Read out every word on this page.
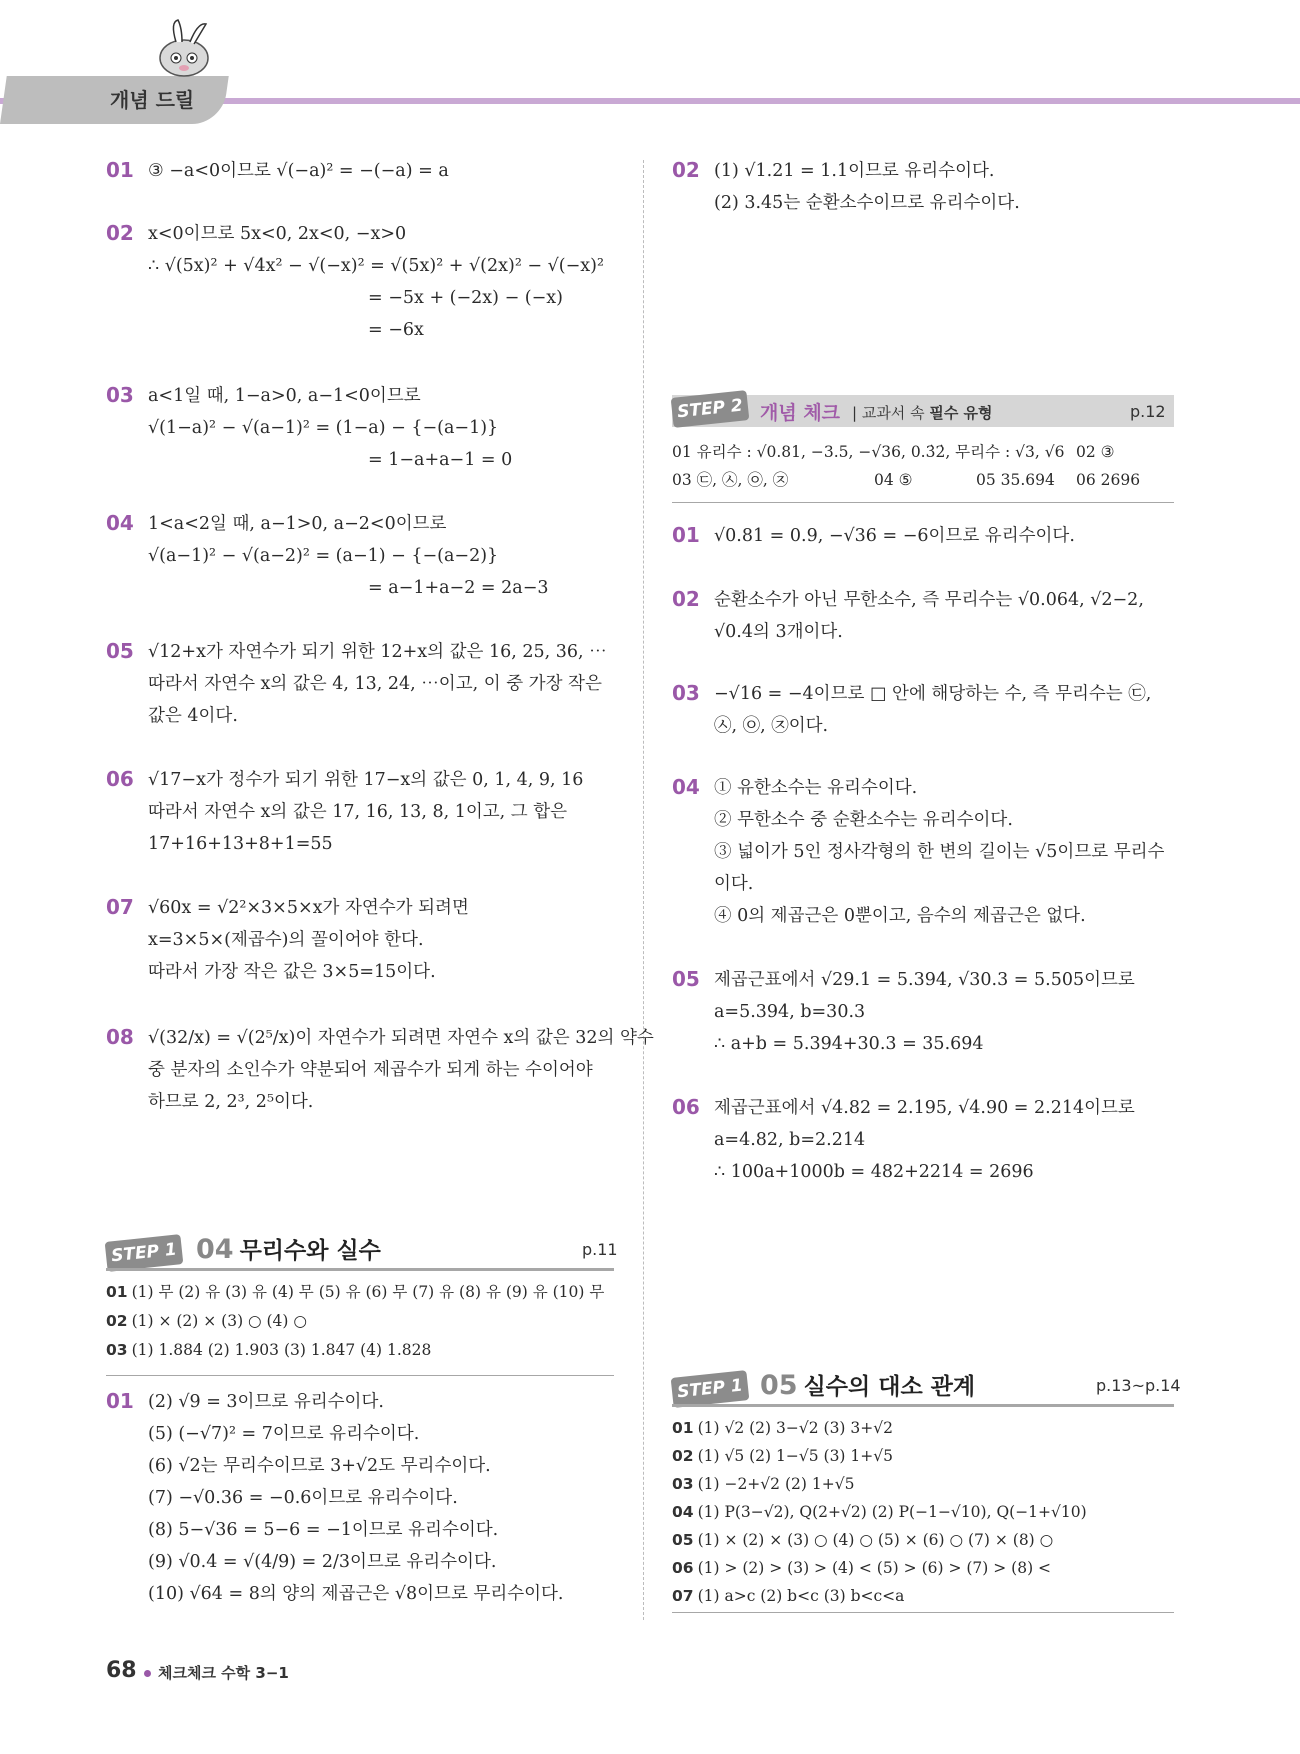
개념 드릴
01 ③ −a<0이므로 √(−a)² = −(−a) = a
02 x<0이므로 5x<0, 2x<0, −x>0
∴ √(5x)² + √4x² − √(−x)² = √(5x)² + √(2x)² − √(−x)²
= −5x + (−2x) − (−x)
= −6x
03 a<1일 때, 1−a>0, a−1<0이므로
√(1−a)² − √(a−1)² = (1−a) − {−(a−1)}
= 1−a+a−1 = 0
04 1<a<2일 때, a−1>0, a−2<0이므로
√(a−1)² − √(a−2)² = (a−1) − {−(a−2)}
= a−1+a−2 = 2a−3
05 √12+x가 자연수가 되기 위한 12+x의 값은 16, 25, 36, ⋯
따라서 자연수 x의 값은 4, 13, 24, ⋯이고, 이 중 가장 작은
값은 4이다.
06 √17−x가 정수가 되기 위한 17−x의 값은 0, 1, 4, 9, 16
따라서 자연수 x의 값은 17, 16, 13, 8, 1이고, 그 합은
17+16+13+8+1=55
07 √60x = √2²×3×5×x가 자연수가 되려면
x=3×5×(제곱수)의 꼴이어야 한다.
따라서 가장 작은 값은 3×5=15이다.
08 √(32/x) = √(2⁵/x)이 자연수가 되려면 자연수 x의 값은 32의 약수
중 분자의 소인수가 약분되어 제곱수가 되게 하는 수이어야
하므로 2, 2³, 2⁵이다.
STEP 1 04 무리수와 실수	p.11
01 (1) 무 (2) 유 (3) 유 (4) 무 (5) 유 (6) 무 (7) 유 (8) 유 (9) 유 (10) 무
02 (1) × (2) × (3) ○ (4) ○
03 (1) 1.884 (2) 1.903 (3) 1.847 (4) 1.828
01 (2) √9 = 3이므로 유리수이다.
(5) (−√7)² = 7이므로 유리수이다.
(6) √2는 무리수이므로 3+√2도 무리수이다.
(7) −√0.36 = −0.6이므로 유리수이다.
(8) 5−√36 = 5−6 = −1이므로 유리수이다.
(9) √0.4̇ = √(4/9) = 2/3이므로 유리수이다.
(10) √64 = 8의 양의 제곱근은 √8이므로 무리수이다.
02 (1) √1.21 = 1.1이므로 유리수이다.
(2) 3.4̇5̇는 순환소수이므로 유리수이다.
STEP 2 개념 체크 | 교과서 속 필수 유형	p.12
01 유리수 : √0.81, −3.5, −√36, 0.3̇2̇, 무리수 : √3, √6 02 ③
03 ㉢, ㉦, ㉧, ㉨	04 ⑤	05 35.694 06 2696
01 √0.81 = 0.9, −√36 = −6이므로 유리수이다.
02 순환소수가 아닌 무한소수, 즉 무리수는 √0.064, √2−2,
√0.4의 3개이다.
03 −√16 = −4이므로 □ 안에 해당하는 수, 즉 무리수는 ㉢,
㉦, ㉧, ㉨이다.
04 ① 유한소수는 유리수이다.
② 무한소수 중 순환소수는 유리수이다.
③ 넓이가 5인 정사각형의 한 변의 길이는 √5이므로 무리수
이다.
④ 0의 제곱근은 0뿐이고, 음수의 제곱근은 없다.
05 제곱근표에서 √29.1 = 5.394, √30.3 = 5.505이므로
a=5.394, b=30.3
∴ a+b = 5.394+30.3 = 35.694
06 제곱근표에서 √4.82 = 2.195, √4.90 = 2.214이므로
a=4.82, b=2.214
∴ 100a+1000b = 482+2214 = 2696
STEP 1 05 실수의 대소 관계	p.13~p.14
01 (1) √2 (2) 3−√2 (3) 3+√2
02 (1) √5 (2) 1−√5 (3) 1+√5
03 (1) −2+√2 (2) 1+√5
04 (1) P(3−√2), Q(2+√2) (2) P(−1−√10), Q(−1+√10)
05 (1) × (2) × (3) ○ (4) ○ (5) × (6) ○ (7) × (8) ○
06 (1) > (2) > (3) > (4) < (5) > (6) > (7) > (8) <
07 (1) a>c (2) b<c (3) b<c<a
68 체크체크 수학 3−1
